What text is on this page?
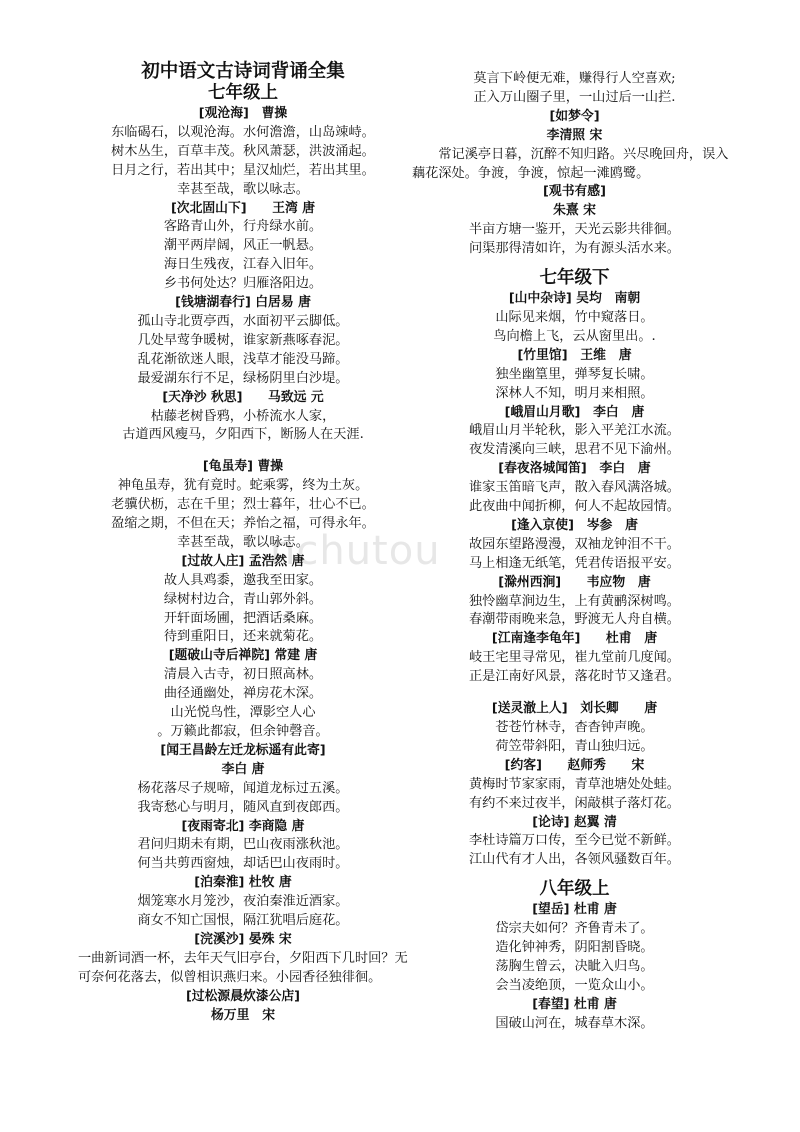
nchutou
初中语文古诗词背诵全集
七年级上
[观沧海]　曹操
东临碣石，以观沧海。水何澹澹，山岛竦峙。
树木丛生，百草丰茂。秋风萧瑟，洪波涌起。
日月之行，若出其中；星汉灿烂，若出其里。
幸甚至哉，歌以咏志。
[次北固山下]　　王湾 唐
客路青山外，行舟绿水前。
潮平两岸阔，风正一帆悬。
海日生残夜，江春入旧年。
乡书何处达？归雁洛阳边。
[钱塘湖春行] 白居易 唐
孤山寺北贾亭西，水面初平云脚低。
几处早莺争暖树，谁家新燕啄春泥。
乱花渐欲迷人眼，浅草才能没马蹄。
最爱湖东行不足，绿杨阴里白沙堤。
[天净沙 秋思]　　马致远 元
枯藤老树昏鸦，小桥流水人家，
古道西风瘦马，夕阳西下，断肠人在天涯.
[龟虽寿] 曹操
神龟虽寿，犹有竟时。蛇乘雾，终为土灰。
老骥伏枥，志在千里；烈士暮年，壮心不已。
盈缩之期，不但在天；养怡之福，可得永年。
幸甚至哉，歌以咏志。
[过故人庄] 孟浩然 唐
故人具鸡黍，邀我至田家。
绿树村边合，青山郭外斜。
开轩面场圃，把酒话桑麻。
待到重阳日，还来就菊花。
[题破山寺后禅院] 常建 唐
清晨入古寺，初日照高林。
曲径通幽处，禅房花木深。
山光悦鸟性，潭影空人心
。万籁此都寂，但余钟磬音。
[闻王昌龄左迁龙标遥有此寄]
李白 唐
杨花落尽子规啼，闻道龙标过五溪。
我寄愁心与明月，随风直到夜郎西。
[夜雨寄北] 李商隐 唐
君问归期未有期，巴山夜雨涨秋池。
何当共剪西窗烛，却话巴山夜雨时。
[泊秦淮] 杜牧 唐
烟笼寒水月笼沙，夜泊秦淮近酒家。
商女不知亡国恨，隔江犹唱后庭花。
[浣溪沙] 晏殊 宋
一曲新词酒一杯，去年天气旧亭台，夕阳西下几时回？无可奈何花落去，似曾相识燕归来。小园香径独徘徊。
[过松源晨炊漆公店]
杨万里　宋
莫言下岭便无难，赚得行人空喜欢;
正入万山圈子里，一山过后一山拦.
[如梦令]
李清照 宋
　　常记溪亭日暮，沉醉不知归路。兴尽晚回舟，误入藕花深处。争渡，争渡，惊起一滩鸥鹭。
[观书有感]
朱熹 宋
半亩方塘一鉴开，天光云影共徘徊。
问渠那得清如许，为有源头活水来。
七年级下
[山中杂诗] 吴均　南朝
山际见来烟，竹中窥落日。
鸟向檐上飞，云从窗里出。.
[竹里馆]　王维　唐
独坐幽篁里，弹琴复长啸。
深林人不知，明月来相照。
[峨眉山月歌]　李白　唐
峨眉山月半轮秋，影入平羌江水流。
夜发清溪向三峡，思君不见下渝州。
[春夜洛城闻笛]　李白　唐
谁家玉笛暗飞声，散入春风满洛城。
此夜曲中闻折柳，何人不起故园情。
[逢入京使]　岑参　唐
故园东望路漫漫，双袖龙钟泪不干。
马上相逢无纸笔，凭君传语报平安。
[滁州西涧]　　韦应物　唐
独怜幽草涧边生，上有黄鹂深树鸣。
春潮带雨晚来急，野渡无人舟自横。
[江南逢李龟年]　　杜甫　唐
岐王宅里寻常见，崔九堂前几度闻。
正是江南好风景，落花时节又逢君。
[送灵澈上人]　刘长卿　　唐
苍苍竹林寺，杳杳钟声晚。
荷笠带斜阳，青山独归远。
[约客]　　赵师秀　　宋
黄梅时节家家雨，青草池塘处处蛙。
有约不来过夜半，闲敲棋子落灯花。
[论诗] 赵翼 清
李杜诗篇万口传，至今已觉不新鲜。
江山代有才人出，各领风骚数百年。
八年级上
[望岳] 杜甫 唐
岱宗夫如何？齐鲁青未了。
造化钟神秀，阴阳割昏晓。
荡胸生曾云，决眦入归鸟。
会当凌绝顶，一览众山小。
[春望] 杜甫 唐
国破山河在，城春草木深。
